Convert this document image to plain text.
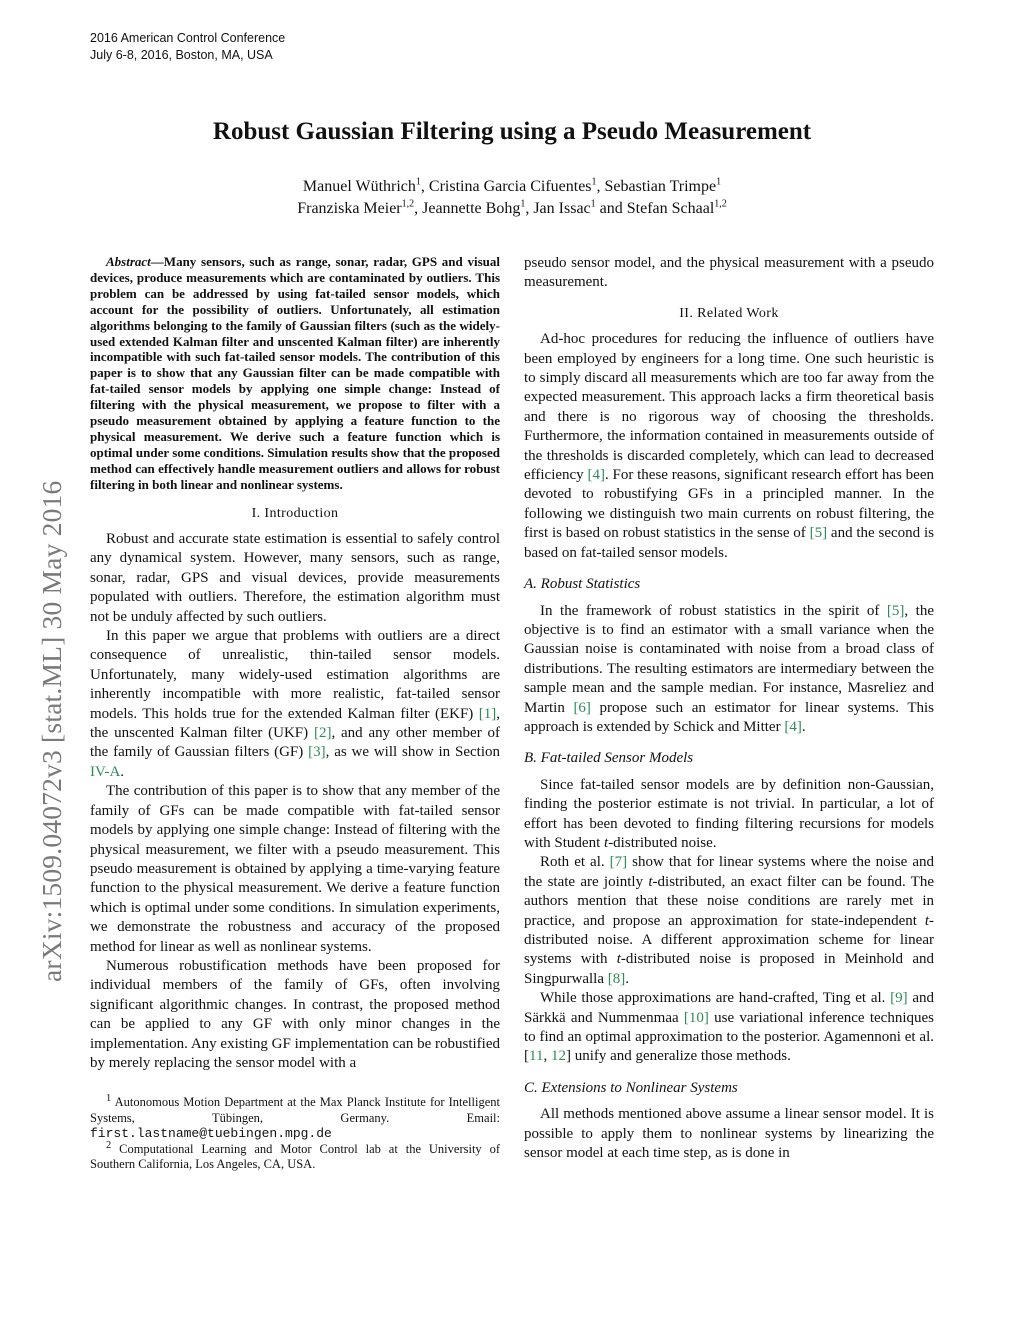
2016 American Control Conference
July 6-8, 2016, Boston, MA, USA
arXiv:1509.04072v3 [stat.ML] 30 May 2016
Robust Gaussian Filtering using a Pseudo Measurement
Manuel Wüthrich$^1$, Cristina Garcia Cifuentes$^1$, Sebastian Trimpe$^1$
Franziska Meier$^{1,2}$, Jeannette Bohg$^1$, Jan Issac$^1$ and Stefan Schaal$^{1,2}$

Abstract—Many sensors, such as range, sonar, radar, GPS and visual devices, produce measurements which are contaminated by outliers. This problem can be addressed by using fat-tailed sensor models, which account for the possibility of outliers. Unfortunately, all estimation algorithms belonging to the family of Gaussian filters (such as the widely-used extended Kalman filter and unscented Kalman filter) are inherently incompatible with such fat-tailed sensor models. The contribution of this paper is to show that any Gaussian filter can be made compatible with fat-tailed sensor models by applying one simple change: Instead of filtering with the physical measurement, we propose to filter with a pseudo measurement obtained by applying a feature function to the physical measurement. We derive such a feature function which is optimal under some conditions. Simulation results show that the proposed method can effectively handle measurement outliers and allows for robust filtering in both linear and nonlinear systems.

I. Introduction

Robust and accurate state estimation is essential to safely control any dynamical system. However, many sensors, such as range, sonar, radar, GPS and visual devices, provide measurements populated with outliers. Therefore, the estimation algorithm must not be unduly affected by such outliers.

In this paper we argue that problems with outliers are a direct consequence of unrealistic, thin-tailed sensor models. Unfortunately, many widely-used estimation algorithms are inherently incompatible with more realistic, fat-tailed sensor models. This holds true for the extended Kalman filter (EKF) [1], the unscented Kalman filter (UKF) [2], and any other member of the family of Gaussian filters (GF) [3], as we will show in Section IV-A.

The contribution of this paper is to show that any member of the family of GFs can be made compatible with fat-tailed sensor models by applying one simple change: Instead of filtering with the physical measurement, we filter with a pseudo measurement. This pseudo measurement is obtained by applying a time-varying feature function to the physical measurement. We derive a feature function which is optimal under some conditions. In simulation experiments, we demonstrate the robustness and accuracy of the proposed method for linear as well as nonlinear systems.

Numerous robustification methods have been proposed for individual members of the family of GFs, often involving significant algorithmic changes. In contrast, the proposed method can be applied to any GF with only minor changes in the implementation. Any existing GF implementation can be robustified by merely replacing the sensor model with a

$^1$ Autonomous Motion Department at the Max Planck Institute for Intelligent Systems, Tübingen, Germany. Email: first.lastname@tuebingen.mpg.de

$^2$ Computational Learning and Motor Control lab at the University of Southern California, Los Angeles, CA, USA.

pseudo sensor model, and the physical measurement with a pseudo measurement.

II. Related Work

Ad-hoc procedures for reducing the influence of outliers have been employed by engineers for a long time. One such heuristic is to simply discard all measurements which are too far away from the expected measurement. This approach lacks a firm theoretical basis and there is no rigorous way of choosing the thresholds. Furthermore, the information contained in measurements outside of the thresholds is discarded completely, which can lead to decreased efficiency [4]. For these reasons, significant research effort has been devoted to robustifying GFs in a principled manner. In the following we distinguish two main currents on robust filtering, the first is based on robust statistics in the sense of [5] and the second is based on fat-tailed sensor models.

A. Robust Statistics

In the framework of robust statistics in the spirit of [5], the objective is to find an estimator with a small variance when the Gaussian noise is contaminated with noise from a broad class of distributions. The resulting estimators are intermediary between the sample mean and the sample median. For instance, Masreliez and Martin [6] propose such an estimator for linear systems. This approach is extended by Schick and Mitter [4].

B. Fat-tailed Sensor Models

Since fat-tailed sensor models are by definition non-Gaussian, finding the posterior estimate is not trivial. In particular, a lot of effort has been devoted to finding filtering recursions for models with Student t-distributed noise.

Roth et al. [7] show that for linear systems where the noise and the state are jointly t-distributed, an exact filter can be found. The authors mention that these noise conditions are rarely met in practice, and propose an approximation for state-independent t-distributed noise. A different approximation scheme for linear systems with t-distributed noise is proposed in Meinhold and Singpurwalla [8].

While those approximations are hand-crafted, Ting et al. [9] and Särkkä and Nummenmaa [10] use variational inference techniques to find an optimal approximation to the posterior. Agamennoni et al. [11, 12] unify and generalize those methods.

C. Extensions to Nonlinear Systems

All methods mentioned above assume a linear sensor model. It is possible to apply them to nonlinear systems by linearizing the sensor model at each time step, as is done in
